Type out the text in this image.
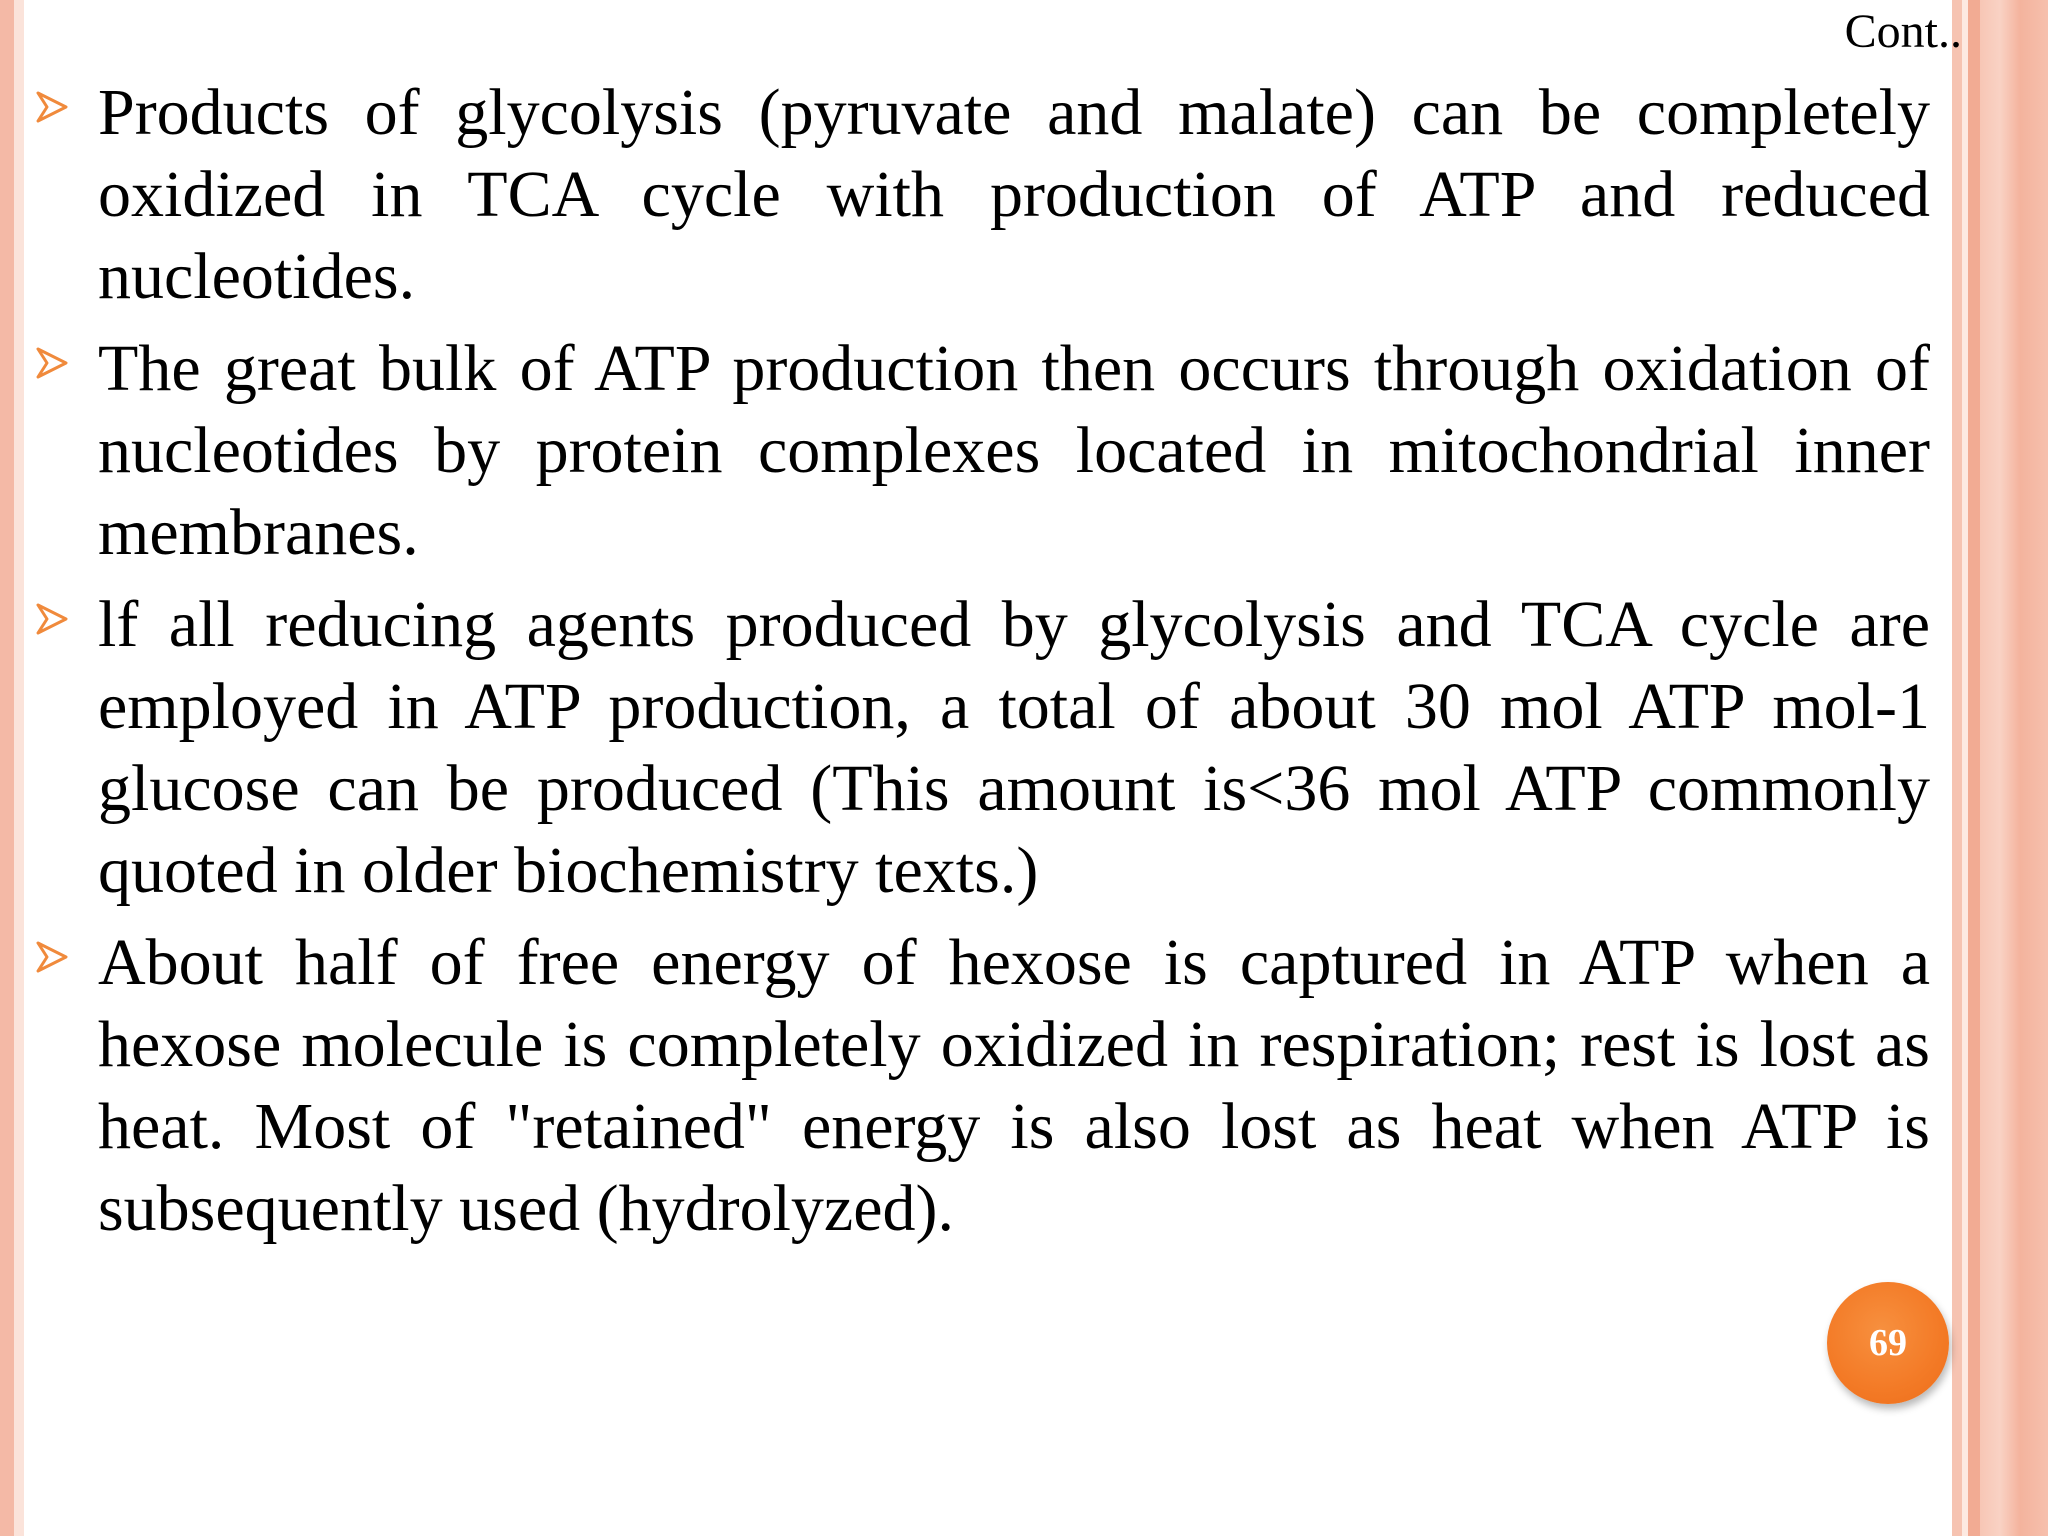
Cont..
Products of glycolysis (pyruvate and malate) can be completely oxidized in TCA cycle with production of ATP and reduced nucleotides.
The great bulk of ATP production then occurs through oxidation of nucleotides by protein complexes located in mitochondrial inner membranes.
lf all reducing agents produced by glycolysis and TCA cycle are employed in ATP production, a total of about 30 mol ATP mol-1 glucose can be produced (This amount is<36 mol ATP commonly quoted in older biochemistry texts.)
About half of free energy of hexose is captured in ATP when a hexose molecule is completely oxidized in respiration; rest is lost as heat. Most of "retained" energy is also lost as heat when ATP is subsequently used (hydrolyzed).
69
